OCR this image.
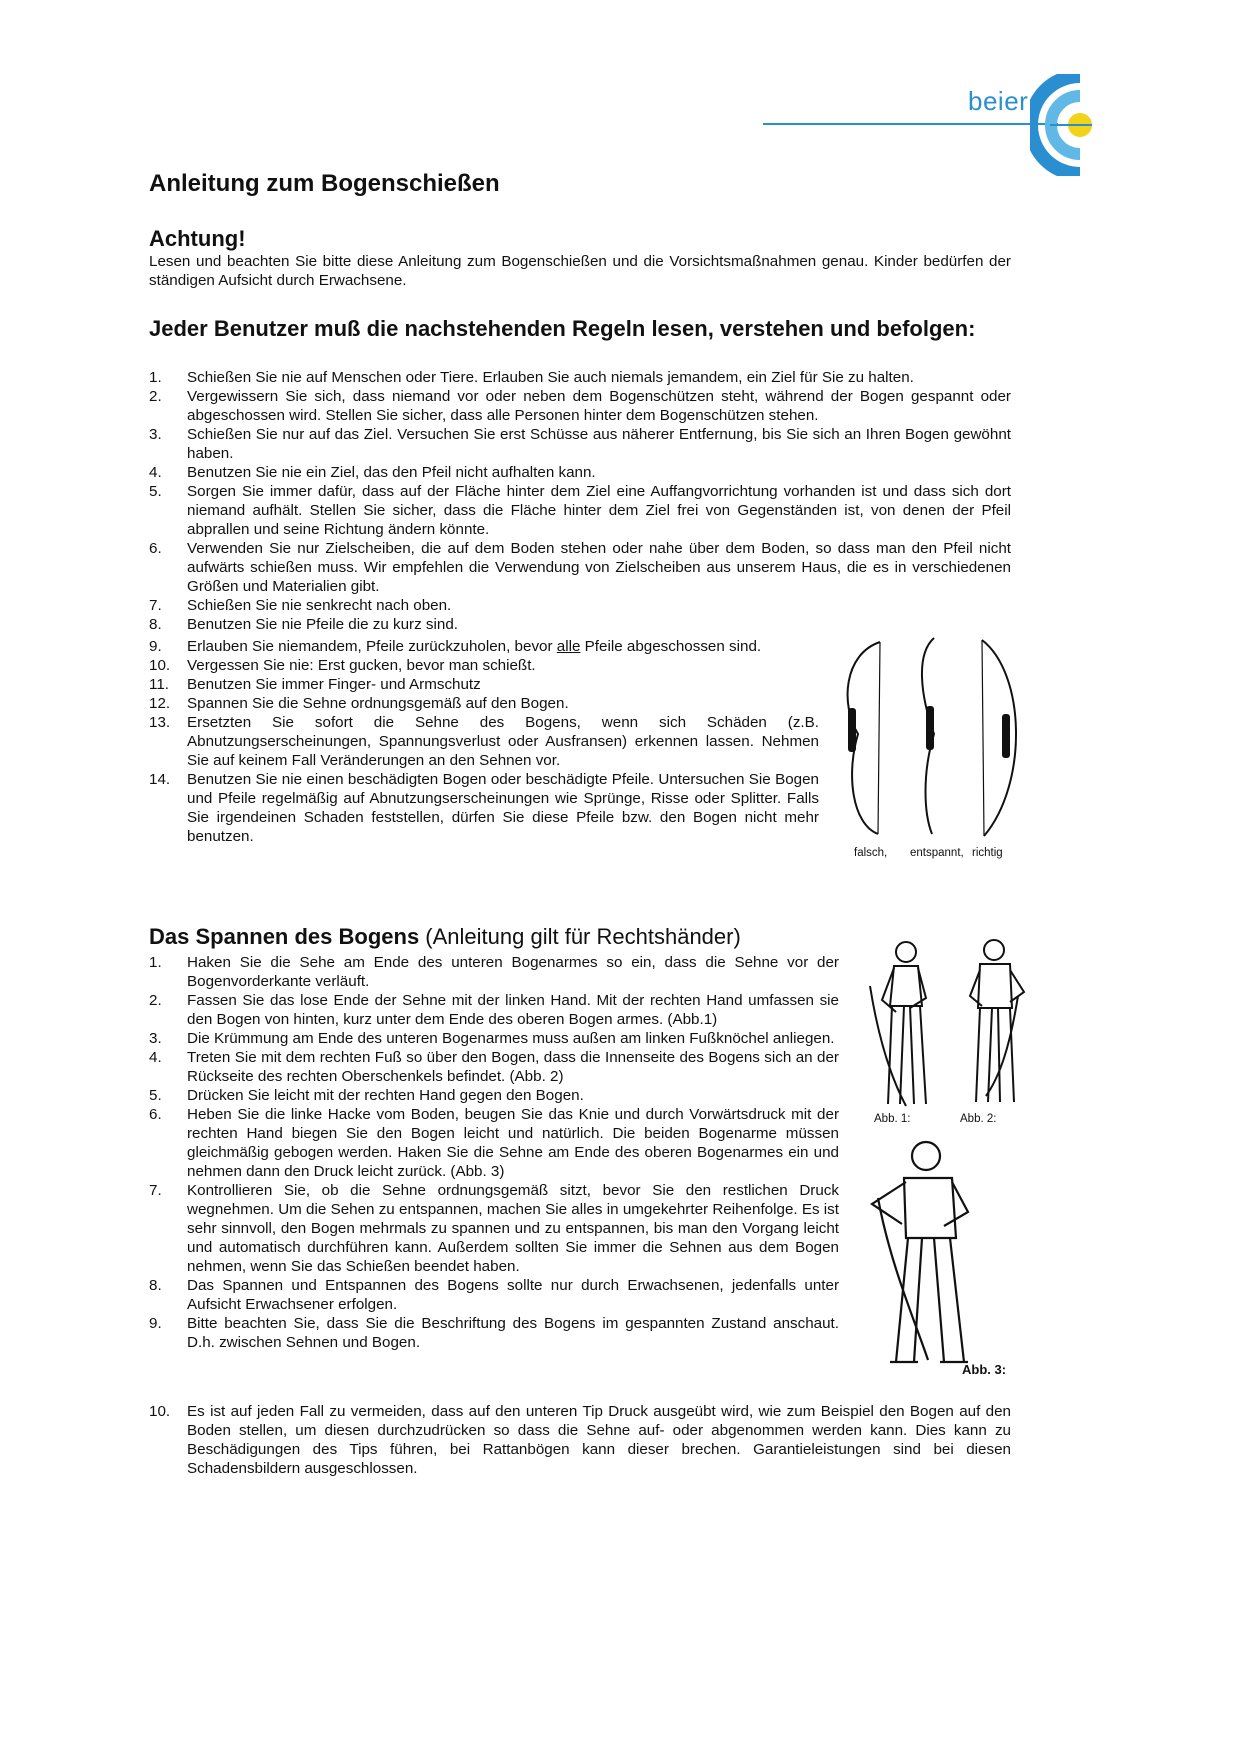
beier
Anleitung zum Bogenschießen
Achtung!

Lesen und beachten Sie bitte diese Anleitung zum Bogenschießen und die Vorsichtsmaßnahmen genau. Kinder bedürfen der ständigen Aufsicht durch Erwachsene.

Jeder Benutzer muß die nachstehenden Regeln lesen, verstehen und befolgen:
1. Schießen Sie nie auf Menschen oder Tiere. Erlauben Sie auch niemals jemandem, ein Ziel für Sie zu halten.
2. Vergewissern Sie sich, dass niemand vor oder neben dem Bogenschützen steht, während der Bogen gespannt oder abgeschossen wird. Stellen Sie sicher, dass alle Personen hinter dem Bogenschützen stehen.
3. Schießen Sie nur auf das Ziel. Versuchen Sie erst Schüsse aus näherer Entfernung, bis Sie sich an Ihren Bogen gewöhnt haben.
4. Benutzen Sie nie ein Ziel, das den Pfeil nicht aufhalten kann.
5. Sorgen Sie immer dafür, dass auf der Fläche hinter dem Ziel eine Auffangvorrichtung vorhanden ist und dass sich dort niemand aufhält. Stellen Sie sicher, dass die Fläche hinter dem Ziel frei von Gegenständen ist, von denen der Pfeil abprallen und seine Richtung ändern könnte.
6. Verwenden Sie nur Zielscheiben, die auf dem Boden stehen oder nahe über dem Boden, so dass man den Pfeil nicht aufwärts schießen muss. Wir empfehlen die Verwendung von Zielscheiben aus unserem Haus, die es in verschiedenen Größen und Materialien gibt.
7. Schießen Sie nie senkrecht nach oben.
8. Benutzen Sie nie Pfeile die zu kurz sind.
9. Erlauben Sie niemandem, Pfeile zurückzuholen, bevor alle Pfeile abgeschossen sind.
10. Vergessen Sie nie: Erst gucken, bevor man schießt.
11. Benutzen Sie immer Finger- und Armschutz
12. Spannen Sie die Sehne ordnungsgemäß auf den Bogen.
13. Ersetzten Sie sofort die Sehne des Bogens, wenn sich Schäden (z.B. Abnutzungserscheinungen, Spannungsverlust oder Ausfransen) erkennen lassen. Nehmen Sie auf keinem Fall Veränderungen an den Sehnen vor.
14. Benutzen Sie nie einen beschädigten Bogen oder beschädigte Pfeile. Untersuchen Sie Bogen und Pfeile regelmäßig auf Abnutzungserscheinungen wie Sprünge, Risse oder Splitter. Falls Sie irgendeinen Schaden feststellen, dürfen Sie diese Pfeile bzw. den Bogen nicht mehr benutzen.
falsch, entspannt, richtig
Das Spannen des Bogens (Anleitung gilt für Rechtshänder)
1. Haken Sie die Sehe am Ende des unteren Bogenarmes so ein, dass die Sehne vor der Bogenvorderkante verläuft.
2. Fassen Sie das lose Ende der Sehne mit der linken Hand. Mit der rechten Hand umfassen sie den Bogen von hinten, kurz unter dem Ende des oberen Bogen armes. (Abb.1)
3. Die Krümmung am Ende des unteren Bogenarmes muss außen am linken Fußknöchel anliegen.
4. Treten Sie mit dem rechten Fuß so über den Bogen, dass die Innenseite des Bogens sich an der Rückseite des rechten Oberschenkels befindet. (Abb. 2)
5. Drücken Sie leicht mit der rechten Hand gegen den Bogen.
6. Heben Sie die linke Hacke vom Boden, beugen Sie das Knie und durch Vorwärtsdruck mit der rechten Hand biegen Sie den Bogen leicht und natürlich. Die beiden Bogenarme müssen gleichmäßig gebogen werden. Haken Sie die Sehne am Ende des oberen Bogenarmes ein und nehmen dann den Druck leicht zurück. (Abb. 3)
7. Kontrollieren Sie, ob die Sehne ordnungsgemäß sitzt, bevor Sie den restlichen Druck wegnehmen. Um die Sehen zu entspannen, machen Sie alles in umgekehrter Reihenfolge. Es ist sehr sinnvoll, den Bogen mehrmals zu spannen und zu entspannen, bis man den Vorgang leicht und automatisch durchführen kann. Außerdem sollten Sie immer die Sehnen aus dem Bogen nehmen, wenn Sie das Schießen beendet haben.
8. Das Spannen und Entspannen des Bogens sollte nur durch Erwachsenen, jedenfalls unter Aufsicht Erwachsener erfolgen.
9. Bitte beachten Sie, dass Sie die Beschriftung des Bogens im gespannten Zustand anschaut. D.h. zwischen Sehnen und Bogen.
10. Es ist auf jeden Fall zu vermeiden, dass auf den unteren Tip Druck ausgeübt wird, wie zum Beispiel den Bogen auf den Boden stellen, um diesen durchzudrücken so dass die Sehne auf- oder abgenommen werden kann. Dies kann zu Beschädigungen des Tips führen, bei Rattanbögen kann dieser brechen. Garantieleistungen sind bei diesen Schadensbildern ausgeschlossen.
Abb. 1:	Abb. 2:
Abb. 3:
